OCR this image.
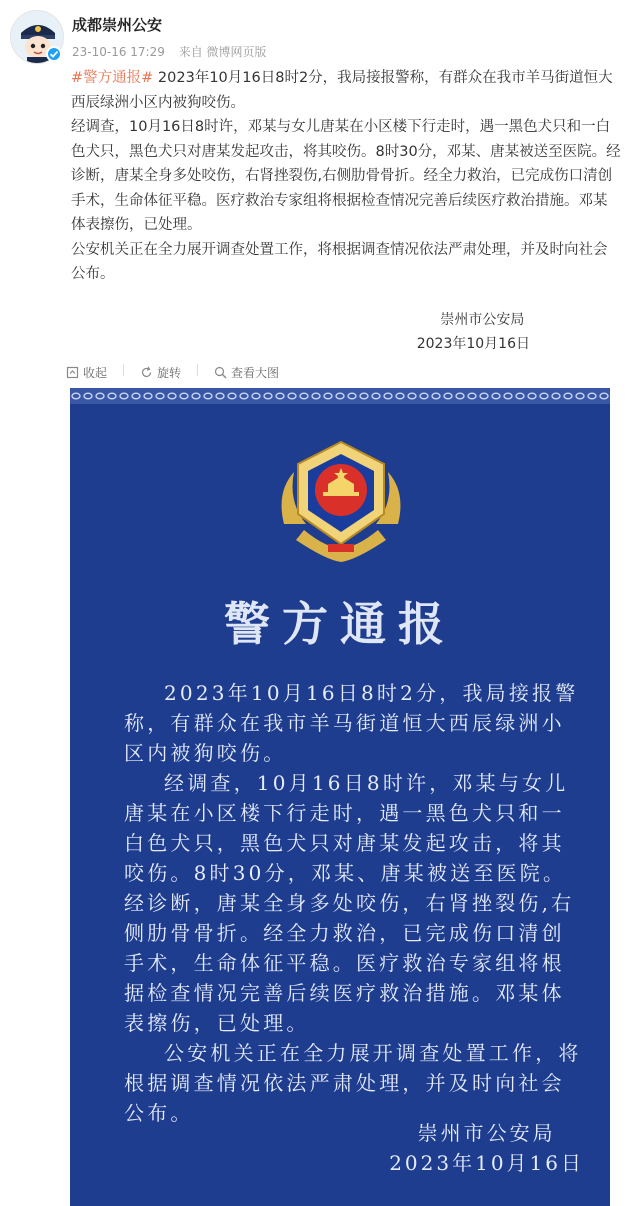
成都崇州公安
23-10-16 17:29 来自 微博网页版

#警方通报# 2023年10月16日8时2分，我局接报警称，有群众在我市羊马街道恒大西辰绿洲小区内被狗咬伤。

经调查，10月16日8时许，邓某与女儿唐某在小区楼下行走时，遇一黑色犬只和一白色犬只，黑色犬只对唐某发起攻击，将其咬伤。8时30分，邓某、唐某被送至医院。经诊断，唐某全身多处咬伤，右肾挫裂伤,右侧肋骨骨折。经全力救治，已完成伤口清创手术，生命体征平稳。医疗救治专家组将根据检查情况完善后续医疗救治措施。邓某体表擦伤，已处理。

公安机关正在全力展开调查处置工作，将根据调查情况依法严肃处理，并及时向社会公布。

崇州市公安局
2023年10月16日
收起	旋转	查看大图
警方通报

2023年10月16日8时2分，我局接报警称，有群众在我市羊马街道恒大西辰绿洲小区内被狗咬伤。

经调查，10月16日8时许，邓某与女儿唐某在小区楼下行走时，遇一黑色犬只和一白色犬只，黑色犬只对唐某发起攻击，将其咬伤。8时30分，邓某、唐某被送至医院。经诊断，唐某全身多处咬伤，右肾挫裂伤,右侧肋骨骨折。经全力救治，已完成伤口清创手术，生命体征平稳。医疗救治专家组将根据检查情况完善后续医疗救治措施。邓某体表擦伤，已处理。

公安机关正在全力展开调查处置工作，将根据调查情况依法严肃处理，并及时向社会公布。

崇州市公安局
2023年10月16日
